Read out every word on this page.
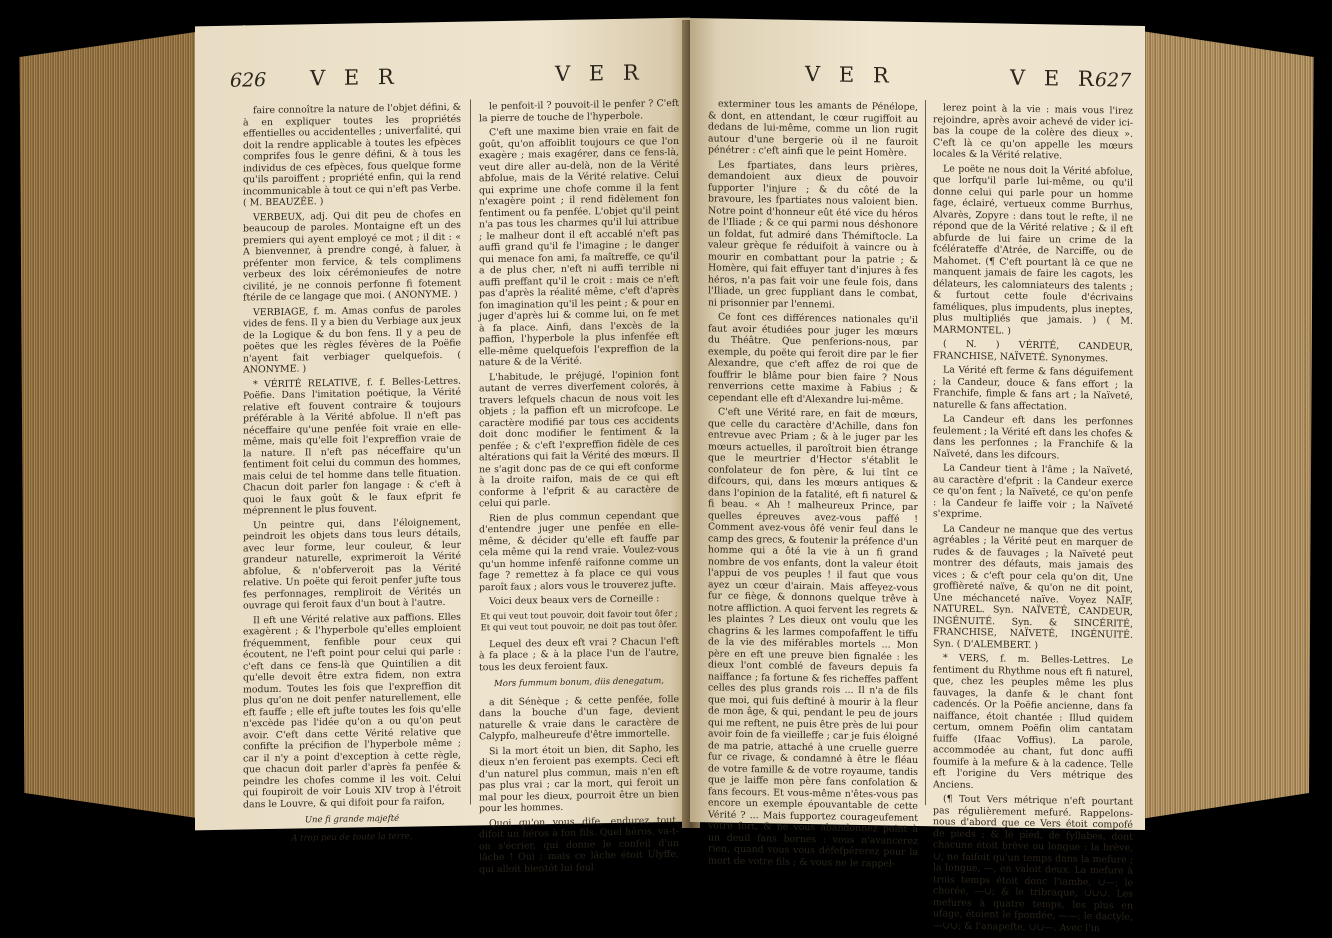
626 V E R	V E R

faire connoître la nature de l'objet défini, & à en expliquer toutes les propriétés effentielles ou accidentelles ; univerfalité, qui doit la rendre applicable à toutes les efpèces comprifes fous le genre défini, & à tous les individus de ces efpèces, fous quelque forme qu'ils paroiffent ; propriété enfin, qui la rend incommunicable à tout ce qui n'eft pas Verbe. ( M. BEAUZÉE. )

VERBEUX, adj. Qui dit peu de chofes en beaucoup de paroles. Montaigne eft un des premiers qui ayent employé ce mot ; il dit : « A bienvenner, à prendre congé, à faluer, à préfenter mon fervice, & tels complimens verbeux des loix cérémonieufes de notre civilité, je ne connois perfonne fi fotement ftérile de ce langage que moi. ( ANONYME. )

VERBIAGE, f. m. Amas confus de paroles vides de fens. Il y a bien du Verbiage aux jeux de la Logique & du bon fens. Il y a peu de poëtes que les règles févères de la Poëfie n'ayent fait verbiager quelquefois. ( ANONYME. )

* VÉRITÉ RELATIVE, f. f. Belles-Lettres. Poëfie. Dans l'imitation poétique, la Vérité relative eft fouvent contraire & toujours préférable à la Vérité abfolue. Il n'eft pas néceffaire qu'une penfée foit vraie en elle-même, mais qu'elle foit l'expreffion vraie de la nature. Il n'eft pas néceffaire qu'un fentiment foit celui du commun des hommes, mais celui de tel homme dans telle fituation. Chacun doit parler fon langage : & c'eft à quoi le faux goût & le faux efprit fe méprennent le plus fouvent.

Un peintre qui, dans l'éloignement, peindroit les objets dans tous leurs détails, avec leur forme, leur couleur, & leur grandeur naturelle, exprimeroit la Vérité abfolue, & n'obferveroit pas la Vérité relative. Un poëte qui feroit penfer jufte tous fes perfonnages, rempliroit de Vérités un ouvrage qui feroit faux d'un bout à l'autre.

Il eft une Vérité relative aux paffions. Elles exagèrent ; & l'hyperbole qu'elles emploient fréquemment, fenfible pour ceux qui écoutent, ne l'eft point pour celui qui parle : c'eft dans ce fens-là que Quintilien a dit qu'elle devoit être extra fidem, non extra modum. Toutes les fois que l'expreffion dit plus qu'on ne doit penfer naturellement, elle eft fauffe ; elle eft jufte toutes les fois qu'elle n'excède pas l'idée qu'on a ou qu'on peut avoir. C'eft dans cette Vérité relative que confifte la précifion de l'hyperbole même ; car il n'y a point d'exception à cette règle, que chacun doit parler d'après fa penfée & peindre les chofes comme il les voit. Celui qui foupiroit de voir Louis XIV trop à l'étroit dans le Louvre, & qui difoit pour fa raifon,

Une fi grande majefté

A trop peu de toute la terre,

le penfoit-il ? pouvoit-il le penfer ? C'eft la pierre de touche de l'hyperbole.

C'eft une maxime bien vraie en fait de goût, qu'on affoiblit toujours ce que l'on exagère ; mais exagérer, dans ce fens-là, veut dire aller au-delà, non de la Vérité abfolue, mais de la Vérité relative. Celui qui exprime une chofe comme il la fent n'exagère point ; il rend fidèlement fon fentiment ou fa penfée. L'objet qu'il peint n'a pas tous les charmes qu'il lui attribue ; le malheur dont il eft accablé n'eft pas auffi grand qu'il fe l'imagine ; le danger qui menace fon ami, fa maîtreffe, ce qu'il a de plus cher, n'eft ni auffi terrible ni auffi preffant qu'il le croit : mais ce n'eft pas d'après la réalité même, c'eft d'après fon imagination qu'il les peint ; & pour en juger d'après lui & comme lui, on fe met à fa place. Ainfi, dans l'excès de la paffion, l'hyperbole la plus infenfée eft elle-même quelquefois l'expreffion de la nature & de la Vérité.

L'habitude, le préjugé, l'opinion font autant de verres diverfement colorés, à travers lefquels chacun de nous voit les objets ; la paffion eft un microfcope. Le caractère modifié par tous ces accidents doit donc modifier le fentiment & la penfée ; & c'eft l'expreffion fidèle de ces altérations qui fait la Vérité des mœurs. Il ne s'agit donc pas de ce qui eft conforme à la droite raifon, mais de ce qui eft conforme à l'efprit & au caractère de celui qui parle.

Rien de plus commun cependant que d'entendre juger une penfée en elle-même, & décider qu'elle eft fauffe par cela même qui la rend vraie. Voulez-vous qu'un homme infenfé raifonne comme un fage ? remettez à fa place ce qui vous paroît faux ; alors vous le trouverez jufte.

Voici deux beaux vers de Corneille :

Et qui veut tout pouvoir, doit favoir tout ôfer ; Et qui veut tout pouvoir, ne doit pas tout ôfer.

Lequel des deux eft vrai ? Chacun l'eft à fa place ; & à la place l'un de l'autre, tous les deux feroient faux.

Mors fummum bonum, diis denegatum,

a dit Sénèque ; & cette penfée, folle dans la bouche d'un fage, devient naturelle & vraie dans le caractère de Calypfo, malheureufe d'être immortelle.

Si la mort étoit un bien, dit Sapho, les dieux n'en feroient pas exempts. Ceci eft d'un naturel plus commun, mais n'en eft pas plus vrai ; car la mort, qui feroit un mal pour les dieux, pourroit être un bien pour les hommes.

Quoi qu'on vous dife, endurez tout, difoit un héros à fon fils. Quel héros, va-t-on s'écrier, qui donne le confeil d'un lâche ! Oui ; mais ce lâche étoit Ulyffe, qui alloit bientôt lui feul

V E R	V E R
627

exterminer tous les amants de Pénélope, & dont, en attendant, le cœur rugiffoit au dedans de lui-même, comme un lion rugit autour d'une bergerie où il ne fauroit pénétrer : c'eft ainfi que le peint Homère.

Les fpartiates, dans leurs prières, demandoient aux dieux de pouvoir fupporter l'injure ; & du côté de la bravoure, les fpartiates nous valoient bien. Notre point d'honneur eût été vice du héros de l'Iliade ; & ce qui parmi nous déshonore un foldat, fut admiré dans Thémiftocle. La valeur grèque fe réduifoit à vaincre ou à mourir en combattant pour la patrie ; & Homère, qui fait effuyer tant d'injures à fes héros, n'a pas fait voir une feule fois, dans l'Iliade, un grec fuppliant dans le combat, ni prisonnier par l'ennemi.

Ce font ces différences nationales qu'il faut avoir étudiées pour juger les mœurs du Théâtre. Que penferions-nous, par exemple, du poëte qui feroit dire par le fier Alexandre, que c'eft affez de roi que de fouffrir le blâme pour bien faire ? Nous renverrions cette maxime à Fabius ; & cependant elle eft d'Alexandre lui-même.

C'eft une Vérité rare, en fait de mœurs, que celle du caractère d'Achille, dans fon entrevue avec Priam ; & à le juger par les mœurs actuelles, il paroîtroit bien étrange que le meurtrier d'Hector s'établit le confolateur de fon père, & lui tînt ce difcours, qui, dans les mœurs antiques & dans l'opinion de la fatalité, eft fi naturel & fi beau. « Ah ! malheureux Prince, par quelles épreuves avez-vous paffé ! Comment avez-vous ôfé venir feul dans le camp des grecs, & foutenir la préfence d'un homme qui a ôté la vie à un fi grand nombre de vos enfants, dont la valeur étoit l'appui de vos peuples ! il faut que vous ayez un cœur d'airain. Mais affeyez-vous fur ce fiège, & donnons quelque trêve à notre affliction. A quoi fervent les regrets & les plaintes ? Les dieux ont voulu que les chagrins & les larmes compofaffent le tiffu de la vie des miférables mortels ... Mon père en eft une preuve bien fignalée : les dieux l'ont comblé de faveurs depuis fa naiffance ; fa fortune & fes richeffes paffent celles des plus grands rois ... Il n'a de fils que moi, qui fuis deftiné à mourir à la fleur de mon âge, & qui, pendant le peu de jours qui me reftent, ne puis être près de lui pour avoir foin de fa vieilleffe ; car je fuis éloigné de ma patrie, attaché à une cruelle guerre fur ce rivage, & condamné à être le fléau de votre famille & de votre royaume, tandis que je laiffe mon père fans confolation & fans fecours. Et vous-même n'êtes-vous pas encore un exemple épouvantable de cette Vérité ? ... Mais fupportez courageufement votre fort, & ne vous abandonnez point à un deuil fans bornes : vous n'avancerez rien, quand vous vous défefpérerez pour la mort de votre fils ; & vous ne le rappel-

lerez point à la vie : mais vous l'irez rejoindre, après avoir achevé de vider ici-bas la coupe de la colère des dieux ». C'eft là ce qu'on appelle les mœurs locales & la Vérité relative.

Le poëte ne nous doit la Vérité abfolue, que lorfqu'il parle lui-même, ou qu'il donne celui qui parle pour un homme fage, éclairé, vertueux comme Burrhus, Alvarès, Zopyre : dans tout le refte, il ne répond que de la Vérité relative ; & il eft abfurde de lui faire un crime de la fcélérateffe d'Atrée, de Narciffe, ou de Mahomet. (¶ C'eft pourtant là ce que ne manquent jamais de faire les cagots, les délateurs, les calomniateurs des talents ; & furtout cette foule d'écrivains faméliques, plus impudents, plus ineptes, plus multipliés que jamais. ) ( M. MARMONTEL. )

( N. ) VÉRITÉ, CANDEUR, FRANCHISE, NAÏVETÉ. Synonymes.

La Vérité eft ferme & fans déguifement ; la Candeur, douce & fans effort ; la Franchife, fimple & fans art ; la Naïveté, naturelle & fans affectation.

La Candeur eft dans les perfonnes feulement ; la Vérité eft dans les chofes & dans les perfonnes ; la Franchife & la Naïveté, dans les difcours.

La Candeur tient à l'âme ; la Naïveté, au caractère d'efprit : la Candeur exerce ce qu'on fent ; la Naïveté, ce qu'on penfe : la Candeur fe laiffe voir ; la Naïveté s'exprime.

La Candeur ne manque que des vertus agréables ; la Vérité peut en marquer de rudes & de fauvages ; la Naïveté peut montrer des défauts, mais jamais des vices ; & c'eft pour cela qu'on dit, Une groffièreté naïve, & qu'on ne dit point, Une méchanceté naïve. Voyez NAÏF, NATUREL. Syn. NAÏVETÉ, CANDEUR, INGÉNUITÉ. Syn. & SINCÉRITÉ, FRANCHISE, NAÏVETÉ, INGÉNUITÉ. Syn. ( D'ALEMBERT. )

* VERS, f. m. Belles-Lettres. Le fentiment du Rhythme nous eft fi naturel, que, chez les peuples même les plus fauvages, la danfe & le chant font cadencés. Or la Poëfie ancienne, dans fa naiffance, étoit chantée : Illud quidem certum, omnem Poëfin olim cantatam fuiffe (Ifaac Voffius). La parole, accommodée au chant, fut donc auffi foumife à la mefure & à la cadence. Telle eft l'origine du Vers métrique des Anciens.

(¶ Tout Vers métrique n'eft pourtant pas régulièrement mefuré. Rappelons-nous d'abord que ce Vers étoit compofé de pieds ; & le pied, de fyllabes, dont chacune étoit brève ou longue : la brève, ∪, ne faifoit qu'un temps dans la mefure ; la longue, —, en valoit deux. La mefure à trois temps étoit donc l'iambe, ∪—; le chorée, —∪; & le tribraque, ∪∪∪. Les mefures à quatre temps, les plus en ufage, étoient le fpondée, ——; le dactyle, —∪∪; & l'anapefte, ∪∪—. Avec l'in
